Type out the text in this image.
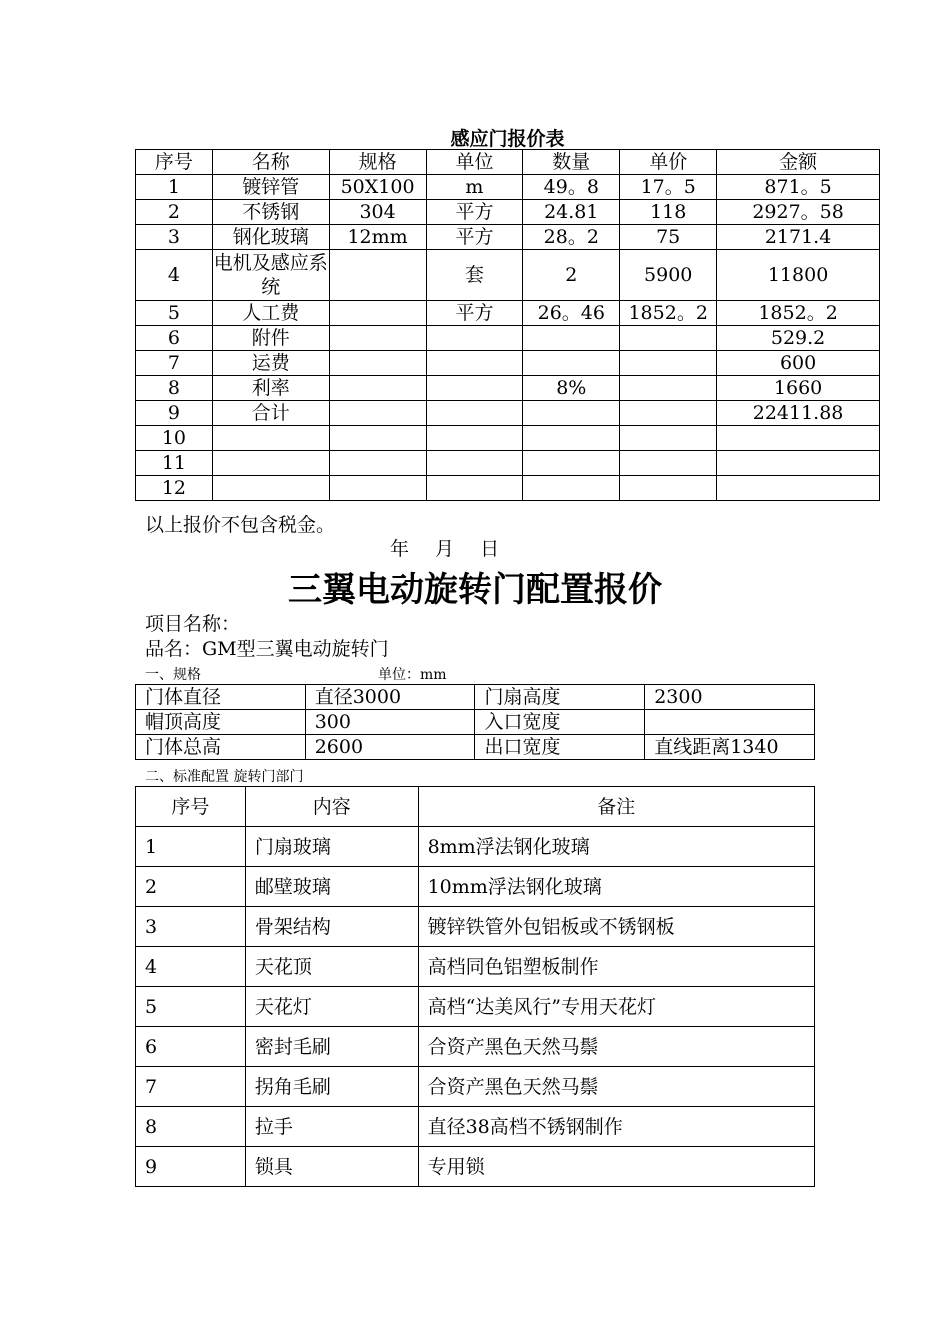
感应门报价表
序号	名称	规格	单位	数量	单价	金额
1	镀锌管	50X100	m	49。8	17。5	871。5
2	不锈钢	304	平方	24.81	118	2927。58
3	钢化玻璃	12mm	平方	28。2	75	2171.4
4	电机及感应系统		套	2	5900	11800
5	人工费		平方	26。46	1852。2	1852。2
6	附件					529.2
7	运费					600
8	利率			8%		1660
9	合计					22411.88
10						
11						
12						
以上报价不包含税金。
年 月 日
三翼电动旋转门配置报价
项目名称：
品名：GM型三翼电动旋转门
一、规格	单位：mm
门体直径	直径3000	门扇高度	2300
帽顶高度	300	入口宽度	
门体总高	2600	出口宽度	直线距离1340
二、标准配置 旋转门部门
序号	内容	备注
1	门扇玻璃	8mm浮法钢化玻璃
2	邮壁玻璃	10mm浮法钢化玻璃
3	骨架结构	镀锌铁管外包铝板或不锈钢板
4	天花顶	高档同色铝塑板制作
5	天花灯	高档“达美风行”专用天花灯
6	密封毛刷	合资产黑色天然马鬃
7	拐角毛刷	合资产黑色天然马鬃
8	拉手	直径38高档不锈钢制作
9	锁具	专用锁
